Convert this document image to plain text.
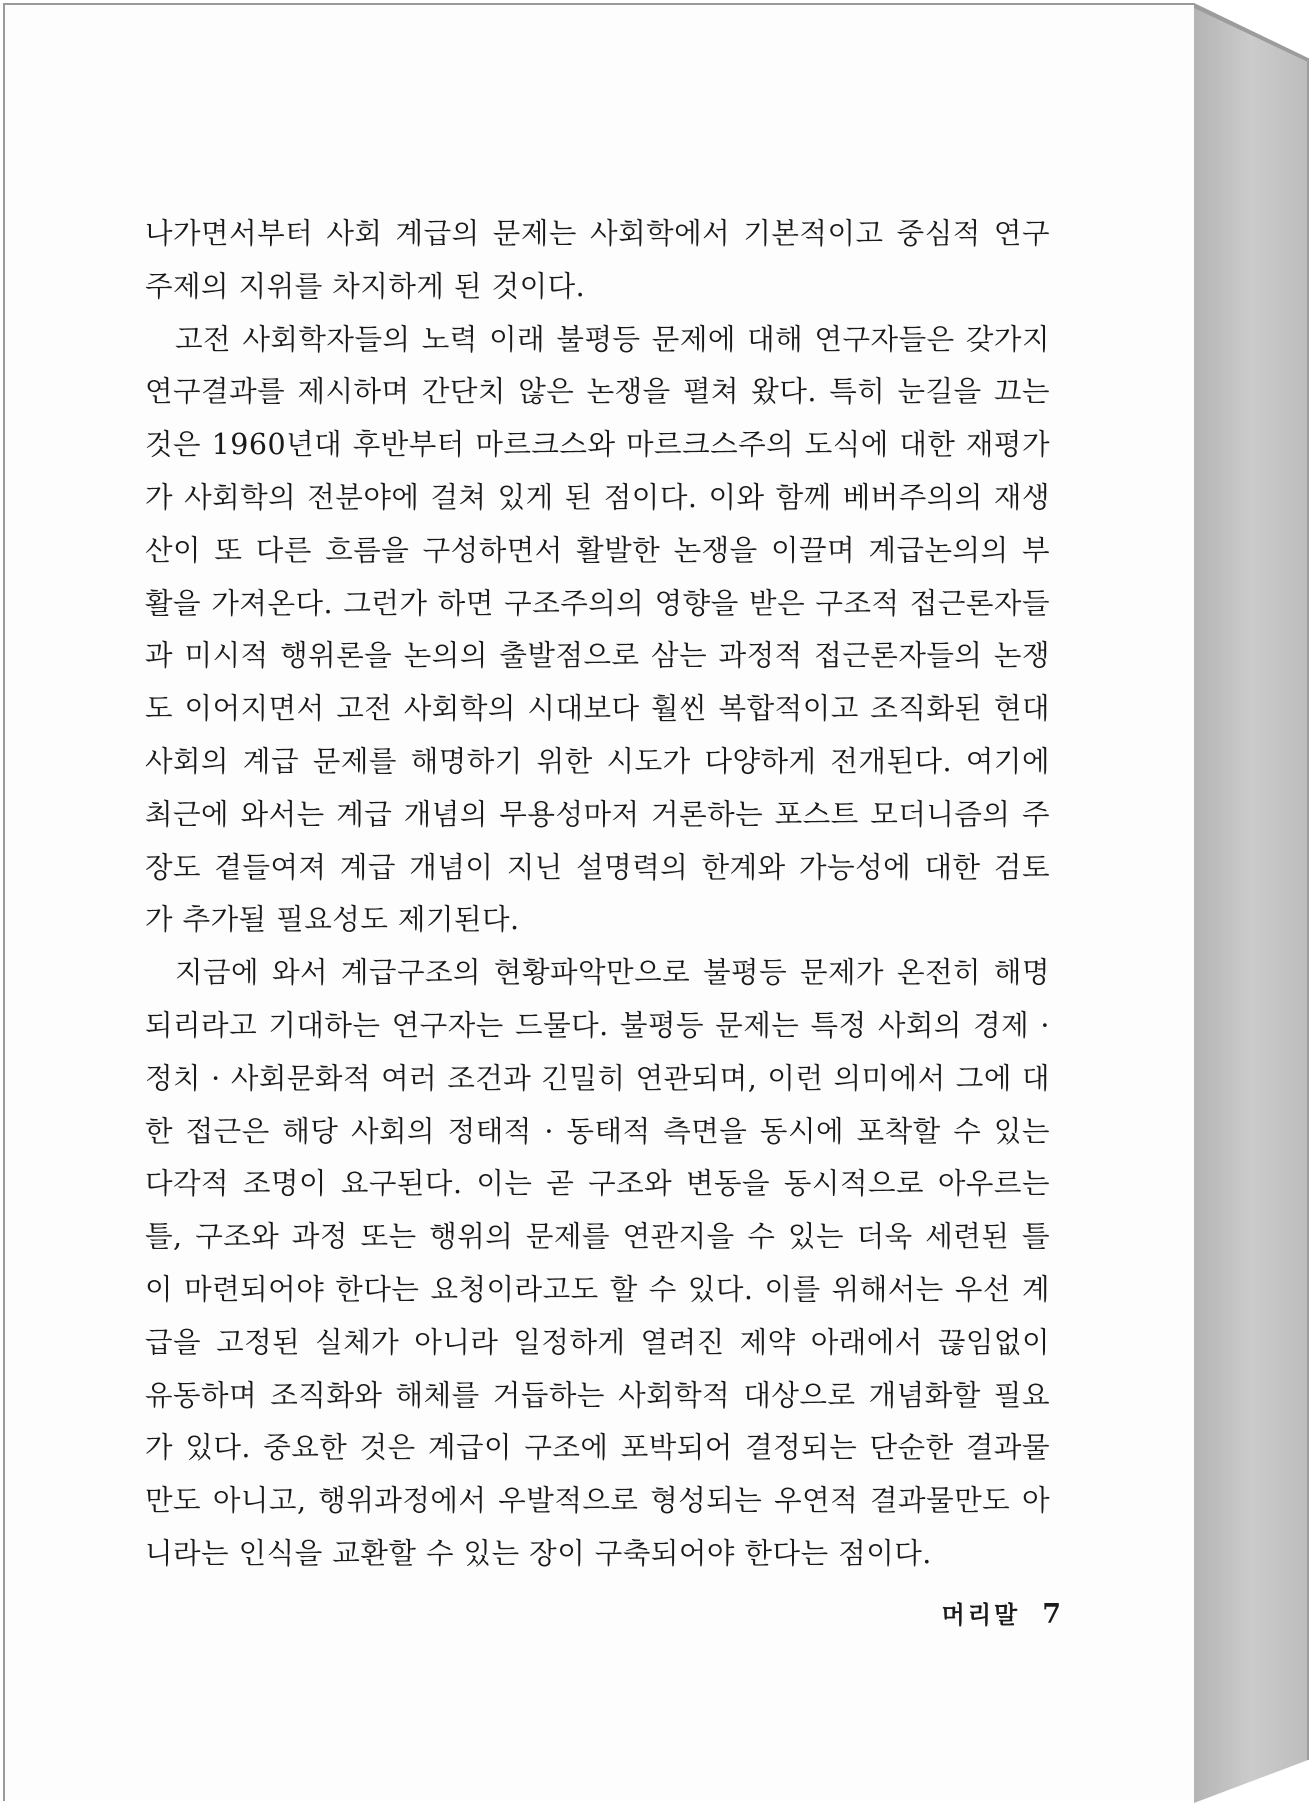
나가면서부터 사회 계급의 문제는 사회학에서 기본적이고 중심적 연구
주제의 지위를 차지하게 된 것이다.
고전 사회학자들의 노력 이래 불평등 문제에 대해 연구자들은 갖가지
연구결과를 제시하며 간단치 않은 논쟁을 펼쳐 왔다. 특히 눈길을 끄는
것은 1960년대 후반부터 마르크스와 마르크스주의 도식에 대한 재평가
가 사회학의 전분야에 걸쳐 있게 된 점이다. 이와 함께 베버주의의 재생
산이 또 다른 흐름을 구성하면서 활발한 논쟁을 이끌며 계급논의의 부
활을 가져온다. 그런가 하면 구조주의의 영향을 받은 구조적 접근론자들
과 미시적 행위론을 논의의 출발점으로 삼는 과정적 접근론자들의 논쟁
도 이어지면서 고전 사회학의 시대보다 훨씬 복합적이고 조직화된 현대
사회의 계급 문제를 해명하기 위한 시도가 다양하게 전개된다. 여기에
최근에 와서는 계급 개념의 무용성마저 거론하는 포스트 모더니즘의 주
장도 곁들여져 계급 개념이 지닌 설명력의 한계와 가능성에 대한 검토
가 추가될 필요성도 제기된다.
지금에 와서 계급구조의 현황파악만으로 불평등 문제가 온전히 해명
되리라고 기대하는 연구자는 드물다. 불평등 문제는 특정 사회의 경제 ·
정치 · 사회문화적 여러 조건과 긴밀히 연관되며, 이런 의미에서 그에 대
한 접근은 해당 사회의 정태적 · 동태적 측면을 동시에 포착할 수 있는
다각적 조명이 요구된다. 이는 곧 구조와 변동을 동시적으로 아우르는
틀, 구조와 과정 또는 행위의 문제를 연관지을 수 있는 더욱 세련된 틀
이 마련되어야 한다는 요청이라고도 할 수 있다. 이를 위해서는 우선 계
급을 고정된 실체가 아니라 일정하게 열려진 제약 아래에서 끊임없이
유동하며 조직화와 해체를 거듭하는 사회학적 대상으로 개념화할 필요
가 있다. 중요한 것은 계급이 구조에 포박되어 결정되는 단순한 결과물
만도 아니고, 행위과정에서 우발적으로 형성되는 우연적 결과물만도 아
니라는 인식을 교환할 수 있는 장이 구축되어야 한다는 점이다.
머리말 7
